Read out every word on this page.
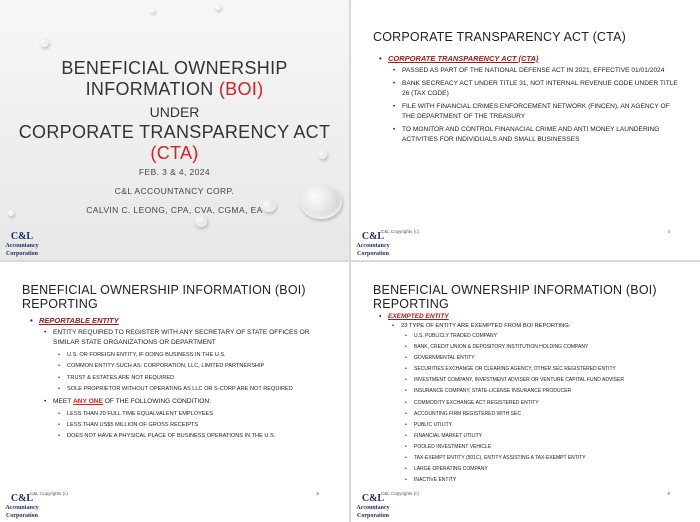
BENEFICIAL OWNERSHIP
INFORMATION (BOI)
UNDER
CORPORATE TRANSPARENCY ACT (CTA)
FEB. 3 & 4, 2024
C&L ACCOUNTANCY CORP.
CALVIN C. LEONG, CPA, CVA, CGMA, EA
C&L
Accountancy
Corporation
CORPORATE TRANSPARENCY ACT (CTA)
• CORPORATE TRANSPARENCY ACT (CTA)
• PASSED AS PART OF THE NATIONAL DEFENSE ACT IN 2021, EFFECTIVE 01/01/2024
• BANK SECREACY ACT UNDER TITLE 31, NOT INTERNAL REVENUE CODE UNDER TITLE 26 (TAX CODE)
• FILE WITH FINANCIAL CRIMES ENFORCEMENT NETWORK (FINCEN), AN AGENCY OF THE DEPARTMENT OF THE TREASURY
• TO MONITOR AND CONTROL FINANACIAL CRIME AND ANTI MONEY LAUNDERING ACTIVITIES FOR INDIVIDUALS AND SMALL BUSINESSES
C&L Copyrights (c)	4
C&L
Accountancy
Corporation
BENEFICIAL OWNERSHIP INFORMATION (BOI)
REPORTING
• REPORTABLE ENTITY
• ENTITY REQUIRED TO REGISTER WITH ANY SECRETARY OF STATE OFFICES OR SIMILAR STATE ORGANIZATIONS OR DEPARTMENT
• U.S. OR FOREIGN ENTITY, IF DOING BUSINESS IN THE U.S.
• COMMON ENTITY SUCH AS: CORPORATION, LLC, LIMITED PARTNERSHIP
• TRUST & ESTATES ARE NOT REQUIRED
• SOLE PROPRIETOR WITHOUT OPERATING AS LLC OR S-CORP ARE NOT REQUIRED
• MEET ANY ONE OF THE FOLLOWING CONDITION:
• LESS THAN 20 FULL TIME EQUALVALENT EMPLOYEES
• LESS THAN US$5 MILLION OF GROSS RECEIPTS
• DOES NOT HAVE A PHYSICAL PLACE OF BUSINESS OPERATIONS IN THE U.S.
C&L Copyrights (c)	5
C&L
Accountancy
Corporation
BENEFICIAL OWNERSHIP INFORMATION (BOI)
REPORTING
• EXEMPTED ENTITY
• 23 TYPE OF ENTITY ARE EXEMPTED FROM BOI REPORTING:
• U.S. PUBLICLY TRADED COMPANY
• BANK, CREDIT UNION & DEPOSITORY INSTITUTION HOLDING COMPANY
• GOVERNMENTAL ENTITY
• SECURITIES EXCHANGE OR CLEARING AGENCY, OTHER SEC REGISTERED ENTITY
• INVESTMENT COMPANY, INVESTMENT ADVISER OR VENTURE CAPITAL FUND ADVISER
• INSURANCE COMPANY, STATE-LICENSE INSURANCE PRODUCER
• COMMODITY EXCHANGE ACT REGISTERED ENTITY
• ACCOUNTING FIRM REGISTERED WITH SEC
• PUBLIC UTILITY
• FINANCIAL MARKET UTILITY
• POOLED INVESTMENT VEHICLE
• TAX-EXEMPT ENTITY (501C), ENTITY ASSISTING A TAX-EXEMPT ENTITY
• LARGE OPERATING COMPANY
• INACTIVE ENTITY
C&L Copyrights (c)	6
C&L
Accountancy
Corporation
